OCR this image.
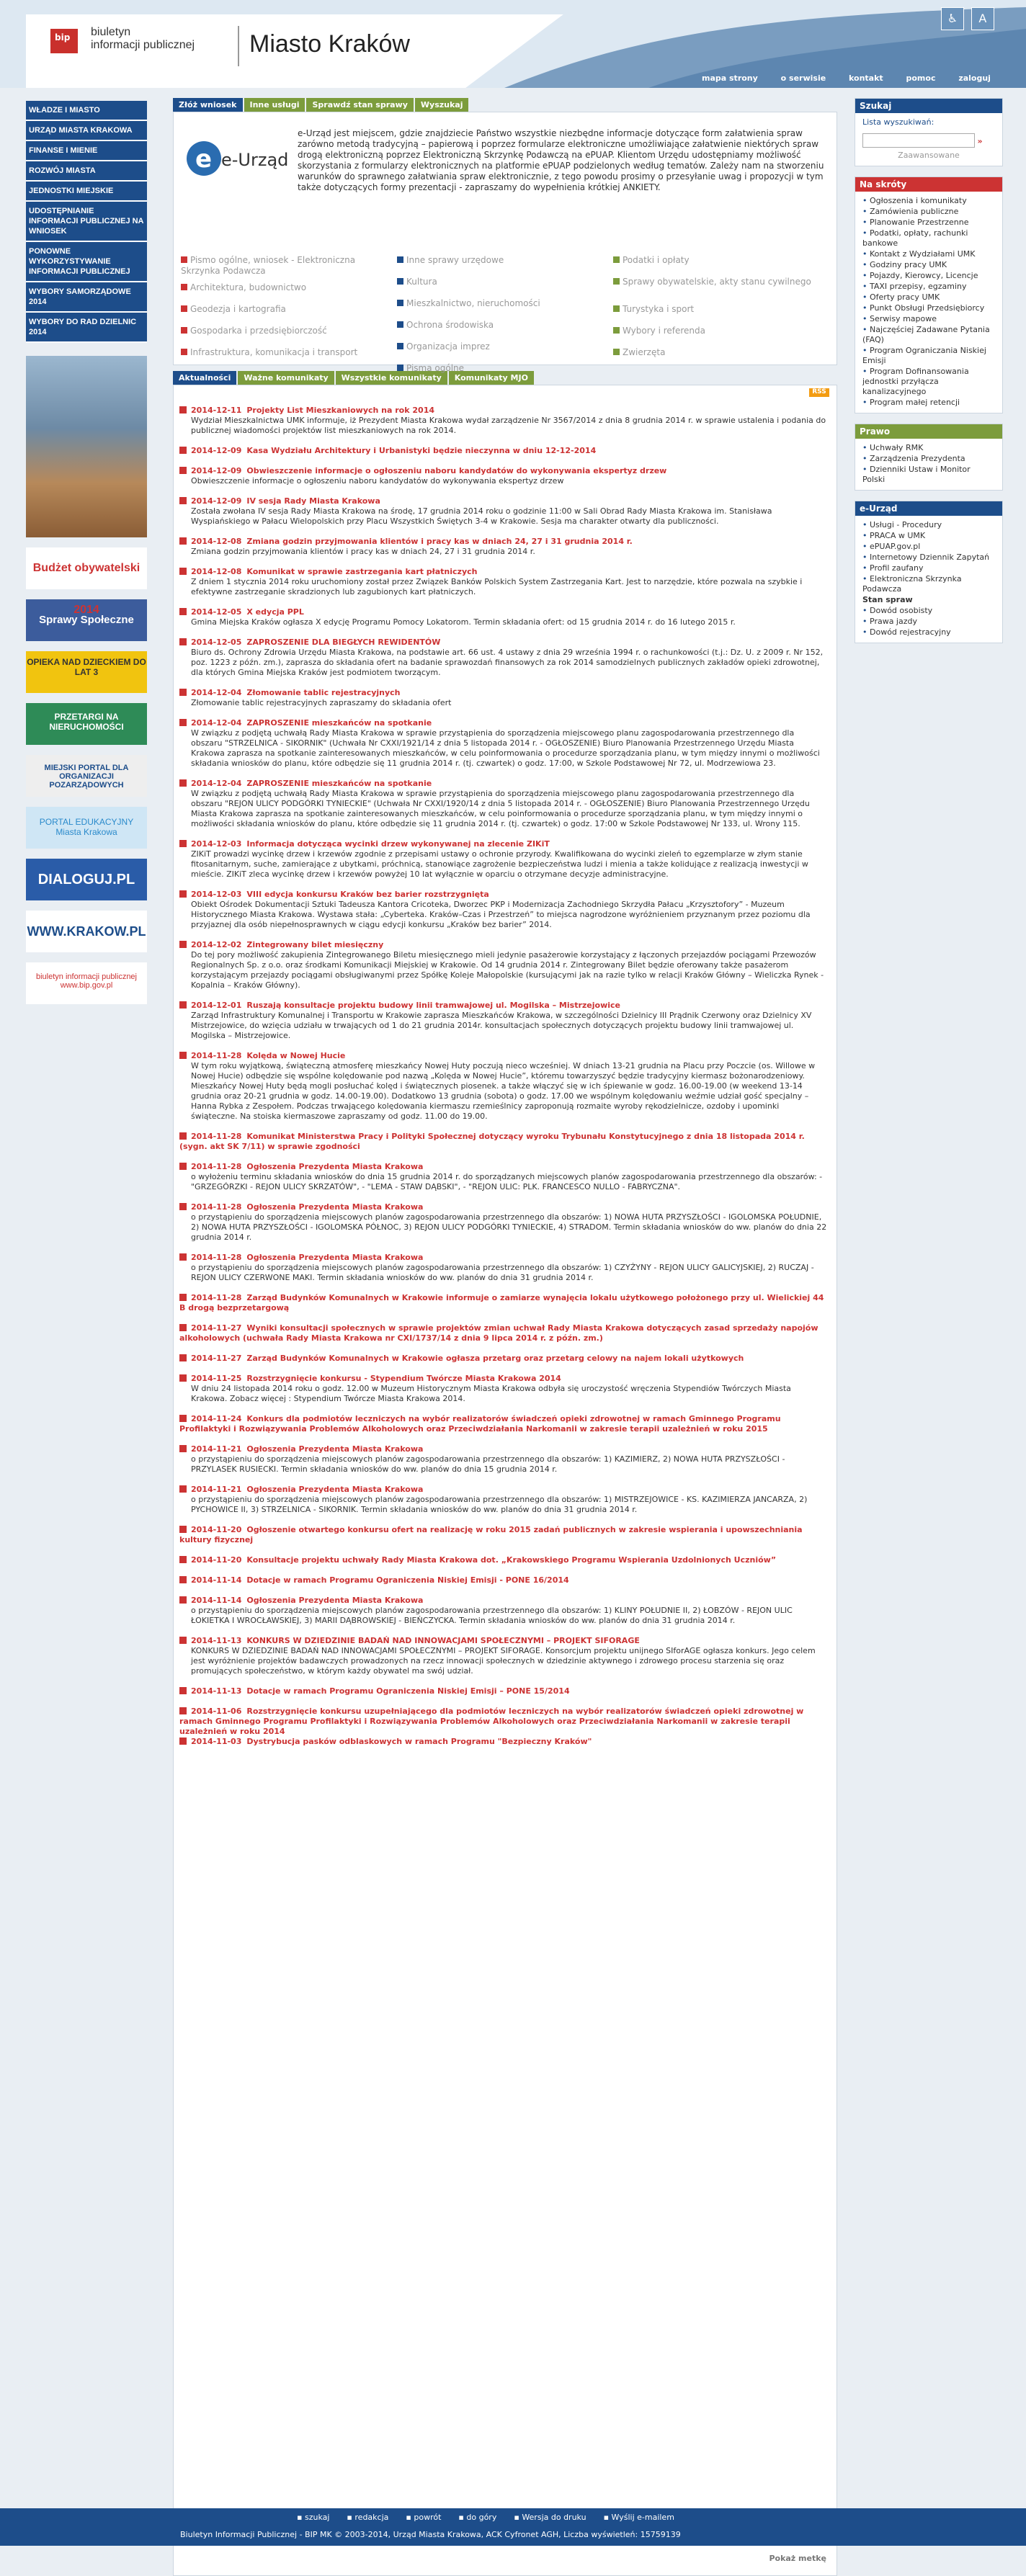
bip biuletyn
informacji publicznej Miasto Kraków
♿ A
mapa strony	o serwisie	kontakt	pomoc	zaloguj
WŁADZE I MIASTO
URZĄD MIASTA KRAKOWA
FINANSE I MIENIE
ROZWÓJ MIASTA
JEDNOSTKI MIEJSKIE
UDOSTĘPNIANIE INFORMACJI PUBLICZNEJ NA WNIOSEK
PONOWNE WYKORZYSTYWANIE INFORMACJI PUBLICZNEJ
WYBORY SAMORZĄDOWE 2014
WYBORY DO RAD DZIELNIC 2014
Budżet obywatelski
Sprawy Społeczne
OPIEKA NAD DZIECKIEM DO LAT 3
PRZETARGI NA NIERUCHOMOŚCI
MIEJSKI PORTAL DLA ORGANIZACJI POZARZĄDOWYCH
PORTAL EDUKACYJNY Miasta Krakowa
DIALOGUJ.PL
WWW.KRAKOW.PL
biuletyn informacji publicznej www.bip.gov.pl
Złóż wniosek Inne usługi Sprawdź stan sprawy Wyszukaj
e e-Urząd
e-Urząd jest miejscem, gdzie znajdziecie Państwo wszystkie niezbędne informacje dotyczące form załatwienia spraw zarówno metodą tradycyjną – papierową i poprzez formularze elektroniczne umożliwiające załatwienie niektórych spraw drogą elektroniczną poprzez Elektroniczną Skrzynkę Podawczą na ePUAP. Klientom Urzędu udostępniamy możliwość skorzystania z formularzy elektronicznych na platformie ePUAP podzielonych według tematów. Zależy nam na stworzeniu warunków do sprawnego załatwiania spraw elektronicznie, z tego powodu prosimy o przesyłanie uwag i propozycji w tym także dotyczących formy prezentacji - zapraszamy do wypełnienia krótkiej ANKIETY.
Pismo ogólne, wniosek - Elektroniczna Skrzynka Podawcza
Architektura, budownictwo
Geodezja i kartografia
Gospodarka i przedsiębiorczość
Infrastruktura, komunikacja i transport
Inne sprawy urzędowe
Kultura
Mieszkalnictwo, nieruchomości
Ochrona środowiska
Organizacja imprez
Pisma ogólne
Podatki i opłaty
Sprawy obywatelskie, akty stanu cywilnego
Turystyka i sport
Wybory i referenda
Zwierzęta
Aktualności Ważne komunikaty Wszystkie komunikaty Komunikaty MJO
RSS
2014-12-11 Projekty List Mieszkaniowych na rok 2014
Wydział Mieszkalnictwa UMK informuje, iż Prezydent Miasta Krakowa wydał zarządzenie Nr 3567/2014 z dnia 8 grudnia 2014 r. w sprawie ustalenia i podania do publicznej wiadomości projektów list mieszkaniowych na rok 2014.
2014-12-09 Kasa Wydziału Architektury i Urbanistyki będzie nieczynna w dniu 12-12-2014
2014-12-09 Obwieszczenie informacje o ogłoszeniu naboru kandydatów do wykonywania ekspertyz drzew
Obwieszczenie informacje o ogłoszeniu naboru kandydatów do wykonywania ekspertyz drzew
2014-12-09 IV sesja Rady Miasta Krakowa
Została zwołana IV sesja Rady Miasta Krakowa na środę, 17 grudnia 2014 roku o godzinie 11:00 w Sali Obrad Rady Miasta Krakowa im. Stanisława Wyspiańskiego w Pałacu Wielopolskich przy Placu Wszystkich Świętych 3-4 w Krakowie. Sesja ma charakter otwarty dla publiczności.
2014-12-08 Zmiana godzin przyjmowania klientów i pracy kas w dniach 24, 27 i 31 grudnia 2014 r.
Zmiana godzin przyjmowania klientów i pracy kas w dniach 24, 27 i 31 grudnia 2014 r.
2014-12-08 Komunikat w sprawie zastrzegania kart płatniczych
Z dniem 1 stycznia 2014 roku uruchomiony został przez Związek Banków Polskich System Zastrzegania Kart. Jest to narzędzie, które pozwala na szybkie i efektywne zastrzeganie skradzionych lub zagubionych kart płatniczych.
2014-12-05 X edycja PPL
Gmina Miejska Kraków ogłasza X edycję Programu Pomocy Lokatorom. Termin składania ofert: od 15 grudnia 2014 r. do 16 lutego 2015 r.
2014-12-05 ZAPROSZENIE DLA BIEGŁYCH REWIDENTÓW
Biuro ds. Ochrony Zdrowia Urzędu Miasta Krakowa, na podstawie art. 66 ust. 4 ustawy z dnia 29 września 1994 r. o rachunkowości (t.j.: Dz. U. z 2009 r. Nr 152, poz. 1223 z późn. zm.), zaprasza do składania ofert na badanie sprawozdań finansowych za rok 2014 samodzielnych publicznych zakładów opieki zdrowotnej, dla których Gmina Miejska Kraków jest podmiotem tworzącym.
2014-12-04 Złomowanie tablic rejestracyjnych
Złomowanie tablic rejestracyjnych zapraszamy do składania ofert
2014-12-04 ZAPROSZENIE mieszkańców na spotkanie
W związku z podjętą uchwałą Rady Miasta Krakowa w sprawie przystąpienia do sporządzenia miejscowego planu zagospodarowania przestrzennego dla obszaru "STRZELNICA - SIKORNIK" (Uchwała Nr CXXI/1921/14 z dnia 5 listopada 2014 r. - OGŁOSZENIE) Biuro Planowania Przestrzennego Urzędu Miasta Krakowa zaprasza na spotkanie zainteresowanych mieszkańców, w celu poinformowania o procedurze sporządzania planu, w tym między innymi o możliwości składania wniosków do planu, które odbędzie się 11 grudnia 2014 r. (tj. czwartek) o godz. 17:00, w Szkole Podstawowej Nr 72, ul. Modrzewiowa 23.
2014-12-04 ZAPROSZENIE mieszkańców na spotkanie
W związku z podjętą uchwałą Rady Miasta Krakowa w sprawie przystąpienia do sporządzenia miejscowego planu zagospodarowania przestrzennego dla obszaru "REJON ULICY PODGÓRKI TYNIECKIE" (Uchwała Nr CXXI/1920/14 z dnia 5 listopada 2014 r. - OGŁOSZENIE) Biuro Planowania Przestrzennego Urzędu Miasta Krakowa zaprasza na spotkanie zainteresowanych mieszkańców, w celu poinformowania o procedurze sporządzania planu, w tym między innymi o możliwości składania wniosków do planu, które odbędzie się 11 grudnia 2014 r. (tj. czwartek) o godz. 17:00 w Szkole Podstawowej Nr 133, ul. Wrony 115.
2014-12-03 Informacja dotycząca wycinki drzew wykonywanej na zlecenie ZIKiT
ZIKiT prowadzi wycinkę drzew i krzewów zgodnie z przepisami ustawy o ochronie przyrody. Kwalifikowana do wycinki zieleń to egzemplarze w złym stanie fitosanitarnym, suche, zamierające z ubytkami, próchnicą, stanowiące zagrożenie bezpieczeństwa ludzi i mienia a także kolidujące z realizacją inwestycji w mieście. ZIKiT zleca wycinkę drzew i krzewów powyżej 10 lat wyłącznie w oparciu o otrzymane decyzje administracyjne.
2014-12-03 VIII edycja konkursu Kraków bez barier rozstrzygnięta
Obiekt Ośrodek Dokumentacji Sztuki Tadeusza Kantora Cricoteka, Dworzec PKP i Modernizacja Zachodniego Skrzydła Pałacu „Krzysztofory” - Muzeum Historycznego Miasta Krakowa. Wystawa stała: „Cyberteka. Kraków–Czas i Przestrzeń” to miejsca nagrodzone wyróżnieniem przyznanym przez poziomu dla przyjaznej dla osób niepełnosprawnych w ciągu edycji konkursu „Kraków bez barier” 2014.
2014-12-02 Zintegrowany bilet miesięczny
Do tej pory możliwość zakupienia Zintegrowanego Biletu miesięcznego mieli jedynie pasażerowie korzystający z łączonych przejazdów pociągami Przewozów Regionalnych Sp. z o.o. oraz środkami Komunikacji Miejskiej w Krakowie. Od 14 grudnia 2014 r. Zintegrowany Bilet będzie oferowany także pasażerom korzystającym przejazdy pociągami obsługiwanymi przez Spółkę Koleje Małopolskie (kursującymi jak na razie tylko w relacji Kraków Główny – Wieliczka Rynek - Kopalnia – Kraków Główny).
2014-12-01 Ruszają konsultacje projektu budowy linii tramwajowej ul. Mogilska – Mistrzejowice
Zarząd Infrastruktury Komunalnej i Transportu w Krakowie zaprasza Mieszkańców Krakowa, w szczególności Dzielnicy III Prądnik Czerwony oraz Dzielnicy XV Mistrzejowice, do wzięcia udziału w trwających od 1 do 21 grudnia 2014r. konsultacjach społecznych dotyczących projektu budowy linii tramwajowej ul. Mogilska – Mistrzejowice.
2014-11-28 Kolęda w Nowej Hucie
W tym roku wyjątkową, świąteczną atmosferę mieszkańcy Nowej Huty poczują nieco wcześniej. W dniach 13-21 grudnia na Placu przy Poczcie (os. Willowe w Nowej Hucie) odbędzie się wspólne kolędowanie pod nazwą „Kolęda w Nowej Hucie”, któremu towarzyszyć będzie tradycyjny kiermasz bożonarodzeniowy. Mieszkańcy Nowej Huty będą mogli posłuchać kolęd i świątecznych piosenek. a także włączyć się w ich śpiewanie w godz. 16.00-19.00 (w weekend 13-14 grudnia oraz 20-21 grudnia w godz. 14.00-19.00). Dodatkowo 13 grudnia (sobota) o godz. 17.00 we wspólnym kolędowaniu weźmie udział gość specjalny – Hanna Rybka z Zespołem. Podczas trwającego kolędowania kiermaszu rzemieślnicy zaproponują rozmaite wyroby rękodzielnicze, ozdoby i upominki świąteczne. Na stoiska kiermaszowe zapraszamy od godz. 11.00 do 19.00.
2014-11-28 Komunikat Ministerstwa Pracy i Polityki Społecznej dotyczący wyroku Trybunału Konstytucyjnego z dnia 18 listopada 2014 r. (sygn. akt SK 7/11) w sprawie zgodności
2014-11-28 Ogłoszenia Prezydenta Miasta Krakowa
o wyłożeniu terminu składania wniosków do dnia 15 grudnia 2014 r. do sporządzanych miejscowych planów zagospodarowania przestrzennego dla obszarów: - "GRZEGÓRZKI - REJON ULICY SKRZATÓW", - "LEMA - STAW DĄBSKI", - "REJON ULIC: PLK. FRANCESCO NULLO - FABRYCZNA".
2014-11-28 Ogłoszenia Prezydenta Miasta Krakowa
o przystąpieniu do sporządzenia miejscowych planów zagospodarowania przestrzennego dla obszarów: 1) NOWA HUTA PRZYSZŁOŚCI - IGOLOMSKA POŁUDNIE, 2) NOWA HUTA PRZYSZŁOŚCI - IGOLOMSKA PÓŁNOC, 3) REJON ULICY PODGÓRKI TYNIECKIE, 4) STRADOM. Termin składania wniosków do ww. planów do dnia 22 grudnia 2014 r.
2014-11-28 Ogłoszenia Prezydenta Miasta Krakowa
o przystąpieniu do sporządzenia miejscowych planów zagospodarowania przestrzennego dla obszarów: 1) CZYŻYNY - REJON ULICY GALICYJSKIEJ, 2) RUCZAJ - REJON ULICY CZERWONE MAKI. Termin składania wniosków do ww. planów do dnia 31 grudnia 2014 r.
2014-11-28 Zarząd Budynków Komunalnych w Krakowie informuje o zamiarze wynajęcia lokalu użytkowego położonego przy ul. Wielickiej 44 B drogą bezprzetargową
2014-11-27 Wyniki konsultacji społecznych w sprawie projektów zmian uchwał Rady Miasta Krakowa dotyczących zasad sprzedaży napojów alkoholowych (uchwała Rady Miasta Krakowa nr CXI/1737/14 z dnia 9 lipca 2014 r. z późn. zm.)
2014-11-27 Zarząd Budynków Komunalnych w Krakowie ogłasza przetarg oraz przetarg celowy na najem lokali użytkowych
2014-11-25 Rozstrzygnięcie konkursu - Stypendium Twórcze Miasta Krakowa 2014
W dniu 24 listopada 2014 roku o godz. 12.00 w Muzeum Historycznym Miasta Krakowa odbyła się uroczystość wręczenia Stypendiów Twórczych Miasta Krakowa. Zobacz więcej : Stypendium Twórcze Miasta Krakowa 2014.
2014-11-24 Konkurs dla podmiotów leczniczych na wybór realizatorów świadczeń opieki zdrowotnej w ramach Gminnego Programu Profilaktyki i Rozwiązywania Problemów Alkoholowych oraz Przeciwdziałania Narkomanii w zakresie terapii uzależnień w roku 2015
2014-11-21 Ogłoszenia Prezydenta Miasta Krakowa
o przystąpieniu do sporządzenia miejscowych planów zagospodarowania przestrzennego dla obszarów: 1) KAZIMIERZ, 2) NOWA HUTA PRZYSZŁOŚCI - PRZYLASEK RUSIECKI. Termin składania wniosków do ww. planów do dnia 15 grudnia 2014 r.
2014-11-21 Ogłoszenia Prezydenta Miasta Krakowa
o przystąpieniu do sporządzenia miejscowych planów zagospodarowania przestrzennego dla obszarów: 1) MISTRZEJOWICE - KS. KAZIMIERZA JANCARZA, 2) PYCHOWICE II, 3) STRZELNICA - SIKORNIK. Termin składania wniosków do ww. planów do dnia 31 grudnia 2014 r.
2014-11-20 Ogłoszenie otwartego konkursu ofert na realizację w roku 2015 zadań publicznych w zakresie wspierania i upowszechniania kultury fizycznej
2014-11-20 Konsultacje projektu uchwały Rady Miasta Krakowa dot. „Krakowskiego Programu Wspierania Uzdolnionych Uczniów”
2014-11-14 Dotacje w ramach Programu Ograniczenia Niskiej Emisji - PONE 16/2014
2014-11-14 Ogłoszenia Prezydenta Miasta Krakowa
o przystąpieniu do sporządzenia miejscowych planów zagospodarowania przestrzennego dla obszarów: 1) KLINY POŁUDNIE II, 2) ŁOBZÓW - REJON ULIC ŁOKIETKA I WROCŁAWSKIEJ, 3) MARII DĄBROWSKIEJ - BIEŃCZYCKA. Termin składania wniosków do ww. planów do dnia 31 grudnia 2014 r.
2014-11-13 KONKURS W DZIEDZINIE BADAŃ NAD INNOWACJAMI SPOŁECZNYMI – PROJEKT SIFORAGE
KONKURS W DZIEDZINIE BADAŃ NAD INNOWACJAMI SPOŁECZNYMI – PROJEKT SIFORAGE. Konsorcjum projektu unijnego SIforAGE ogłasza konkurs. Jego celem jest wyróżnienie projektów badawczych prowadzonych na rzecz innowacji społecznych w dziedzinie aktywnego i zdrowego procesu starzenia się oraz promujących społeczeństwo, w którym każdy obywatel ma swój udział.
2014-11-13 Dotacje w ramach Programu Ograniczenia Niskiej Emisji – PONE 15/2014
2014-11-06 Rozstrzygnięcie konkursu uzupełniającego dla podmiotów leczniczych na wybór realizatorów świadczeń opieki zdrowotnej w ramach Gminnego Programu Profilaktyki i Rozwiązywania Problemów Alkoholowych oraz Przeciwdziałania Narkomanii w zakresie terapii uzależnień w roku 2014
2014-11-03 Dystrybucja pasków odblaskowych w ramach Programu "Bezpieczny Kraków"
Pokaż metkę
Szukaj
Lista wyszukiwań:
»
Zaawansowane
Na skróty
• Ogłoszenia i komunikaty
• Zamówienia publiczne
• Planowanie Przestrzenne
• Podatki, opłaty, rachunki bankowe
• Kontakt z Wydziałami UMK
• Godziny pracy UMK
• Pojazdy, Kierowcy, Licencje
• TAXI przepisy, egzaminy
• Oferty pracy UMK
• Punkt Obsługi Przedsiębiorcy
• Serwisy mapowe
• Najczęściej Zadawane Pytania (FAQ)
• Program Ograniczania Niskiej Emisji
• Program Dofinansowania jednostki przyłącza kanalizacyjnego
• Program małej retencji
Prawo
• Uchwały RMK
• Zarządzenia Prezydenta
• Dzienniki Ustaw i Monitor Polski
e-Urząd
• Usługi - Procedury
• PRACA w UMK
• ePUAP.gov.pl
• Internetowy Dziennik Zapytań
• Profil zaufany
• Elektroniczna Skrzynka Podawcza
Stan spraw
• Dowód osobisty
• Prawa jazdy
• Dowód rejestracyjny
▪ szukaj ▪ redakcja ▪ powrót ▪ do góry ▪ Wersja do druku ▪ Wyślij e-mailem
Biuletyn Informacji Publicznej - BIP MK © 2003-2014, Urząd Miasta Krakowa, ACK Cyfronet AGH, Liczba wyświetleń: 15759139
